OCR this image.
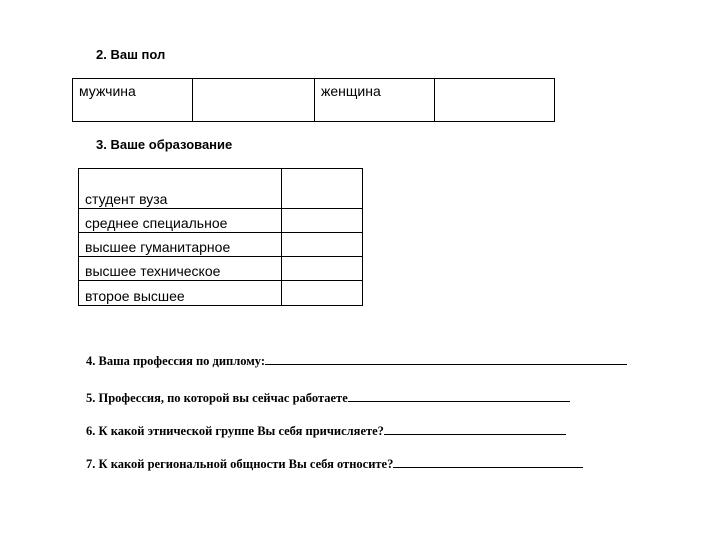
2. Ваш пол
мужчина		женщина	
3. Ваше образование
студент вуза	
среднее специальное	
высшее гуманитарное	
высшее техническое	
второе высшее	
4. Ваша профессия по диплому:
5. Профессия, по которой вы сейчас работаете
6. К какой этнической группе Вы себя причисляете?
7. К какой региональной общности Вы себя относите?
